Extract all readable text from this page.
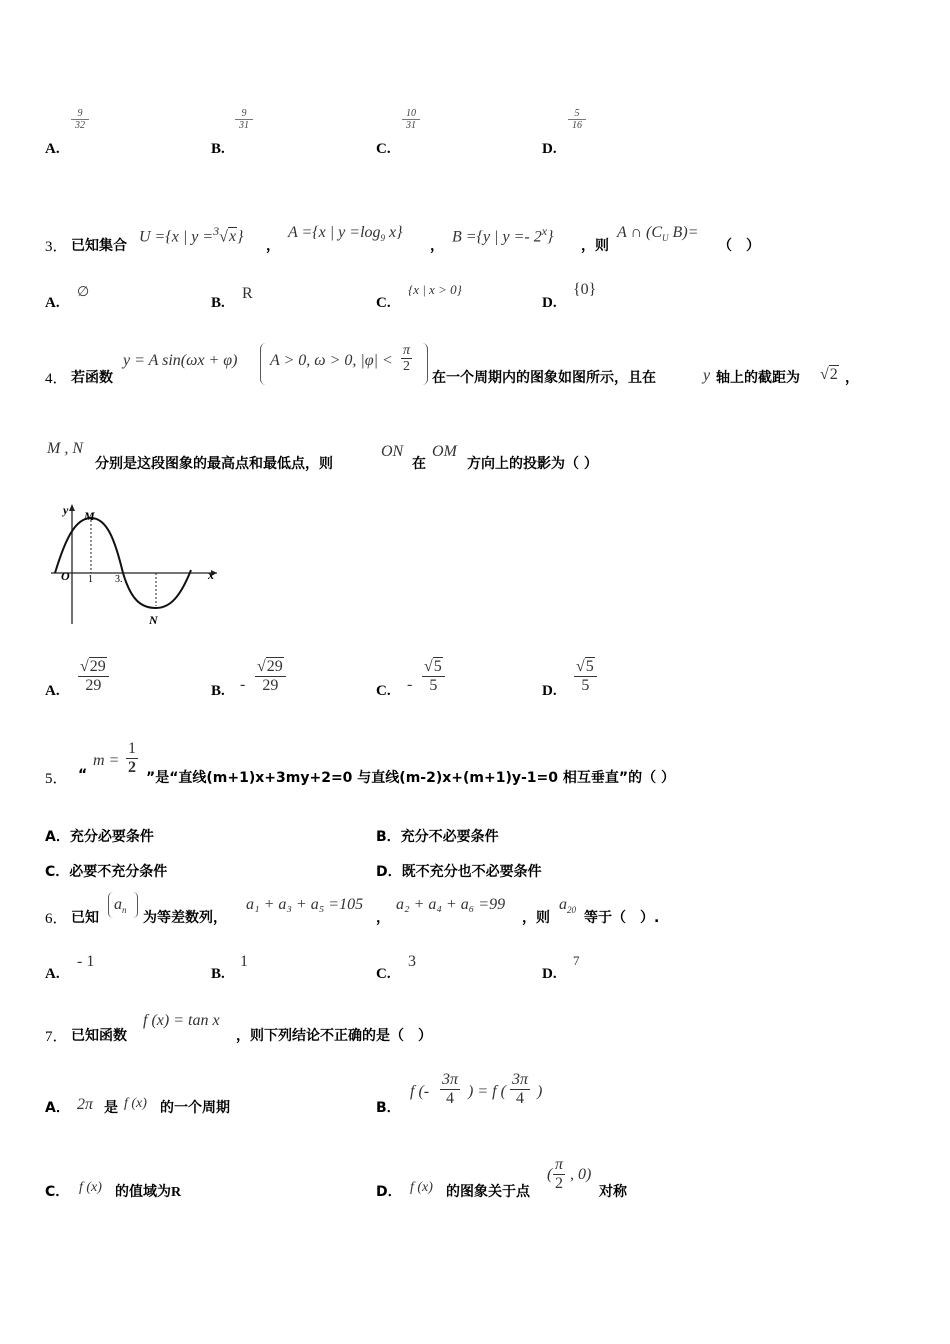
A.
$\frac{9}{32}$
B.
$\frac{9}{31}$
C.
$\frac{10}{31}$
D.
$\frac{5}{16}$
3． 已知集合
U ={x | y =$^3$√x}
，
A ={x | $y =\log_9$ x}
，
B ={y | y =- 2$^x$}
，则
A ∩ ($C_U$ B)=
（　）
A.
∅
B.
R
C.
{x | x > 0}
D.
{0}
4． 若函数
y = A sin(ωx + φ) A > 0, ω > 0, $|\varphi| < \frac{\pi}{2}$
在一个周期内的图象如图所示，且在	y 轴上的截距为 √2 ，
M , N
分别是这段图象的最高点和最低点，则
ON
在
OM
方向上的投影为（ ）
y
x
O 1 3.
M
N
A. $\frac{√29}{29}$	B. - $\frac{√29}{29}$	C. - $\frac{√5}{5}$	D. $\frac{√5}{5}$
5． “
$m = \frac{1}{2}$
”是“直线(m+1)x+3my+2=0 与直线(m-2)x+(m+1)y-1=0 相互垂直”的（ ）
A．充分必要条件	B．充分不必要条件
C．必要不充分条件	D．既不充分也不必要条件
6． 已知
$a_n$ 为等差数列，
a₁ + a₃ + a₅ =105
，
a₂ + a₄ + a₆ =99
，则
$a_{20}$ 等于（　）.
A.
- 1
B.
1
C.
3
D.
7
7． 已知函数
f (x) = tan x
，则下列结论不正确的是（　）
A． 2π 是 f (x) 的一个周期	B．
f (- $\frac{3\pi}{4}$ ) = f ( $\frac{3\pi}{4}$ )
C． f (x) 的值域为R	D． f (x) 的图象关于点
( $\frac{\pi}{2}$ , 0)
对称
